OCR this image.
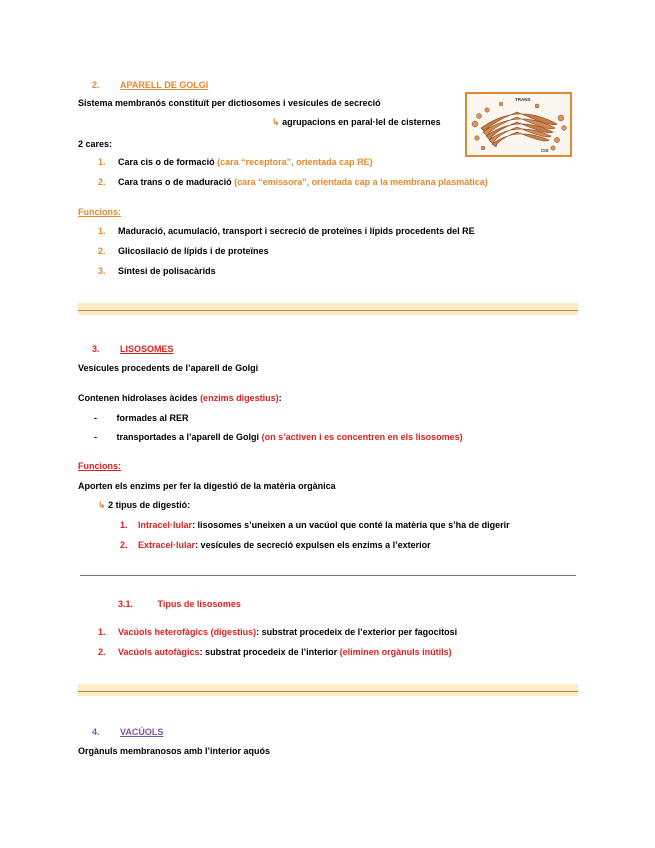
2. APARELL DE GOLGI
Sistema membranós constituït per dictiosomes i vesícules de secreció
↳ agrupacions en paral·lel de cisternes
TRANS
CIS
2 cares:
1. Cara cis o de formació (cara “receptora”, orientada cap RE)
2. Cara trans o de maduració (cara “emissora”, orientada cap a la membrana plasmàtica)
Funcions:
1. Maduració, acumulació, transport i secreció de proteïnes i lípids procedents del RE
2. Glicosilació de lípids i de proteïnes
3. Síntesi de polisacàrids
3. LISOSOMES
Vesícules procedents de l’aparell de Golgi
Contenen hidrolases àcides (enzims digestius):
- formades al RER
- transportades a l’aparell de Golgi (on s’activen i es concentren en els lisosomes)
Funcions:
Aporten els enzims per fer la digestió de la matèria orgànica
↳ 2 tipus de digestió:
1. Intracel·lular: lisosomes s’uneixen a un vacúol que conté la matèria que s’ha de digerir
2. Extracel·lular: vesícules de secreció expulsen els enzims a l’exterior
3.1.	Tipus de lisosomes
1. Vacúols heterofàgics (digestius): substrat procedeix de l’exterior per fagocitosi
2. Vacúols autofàgics: substrat procedeix de l’interior (eliminen orgànuls inútils)
4. VACÚOLS
Orgànuls membranosos amb l’interior aquós
